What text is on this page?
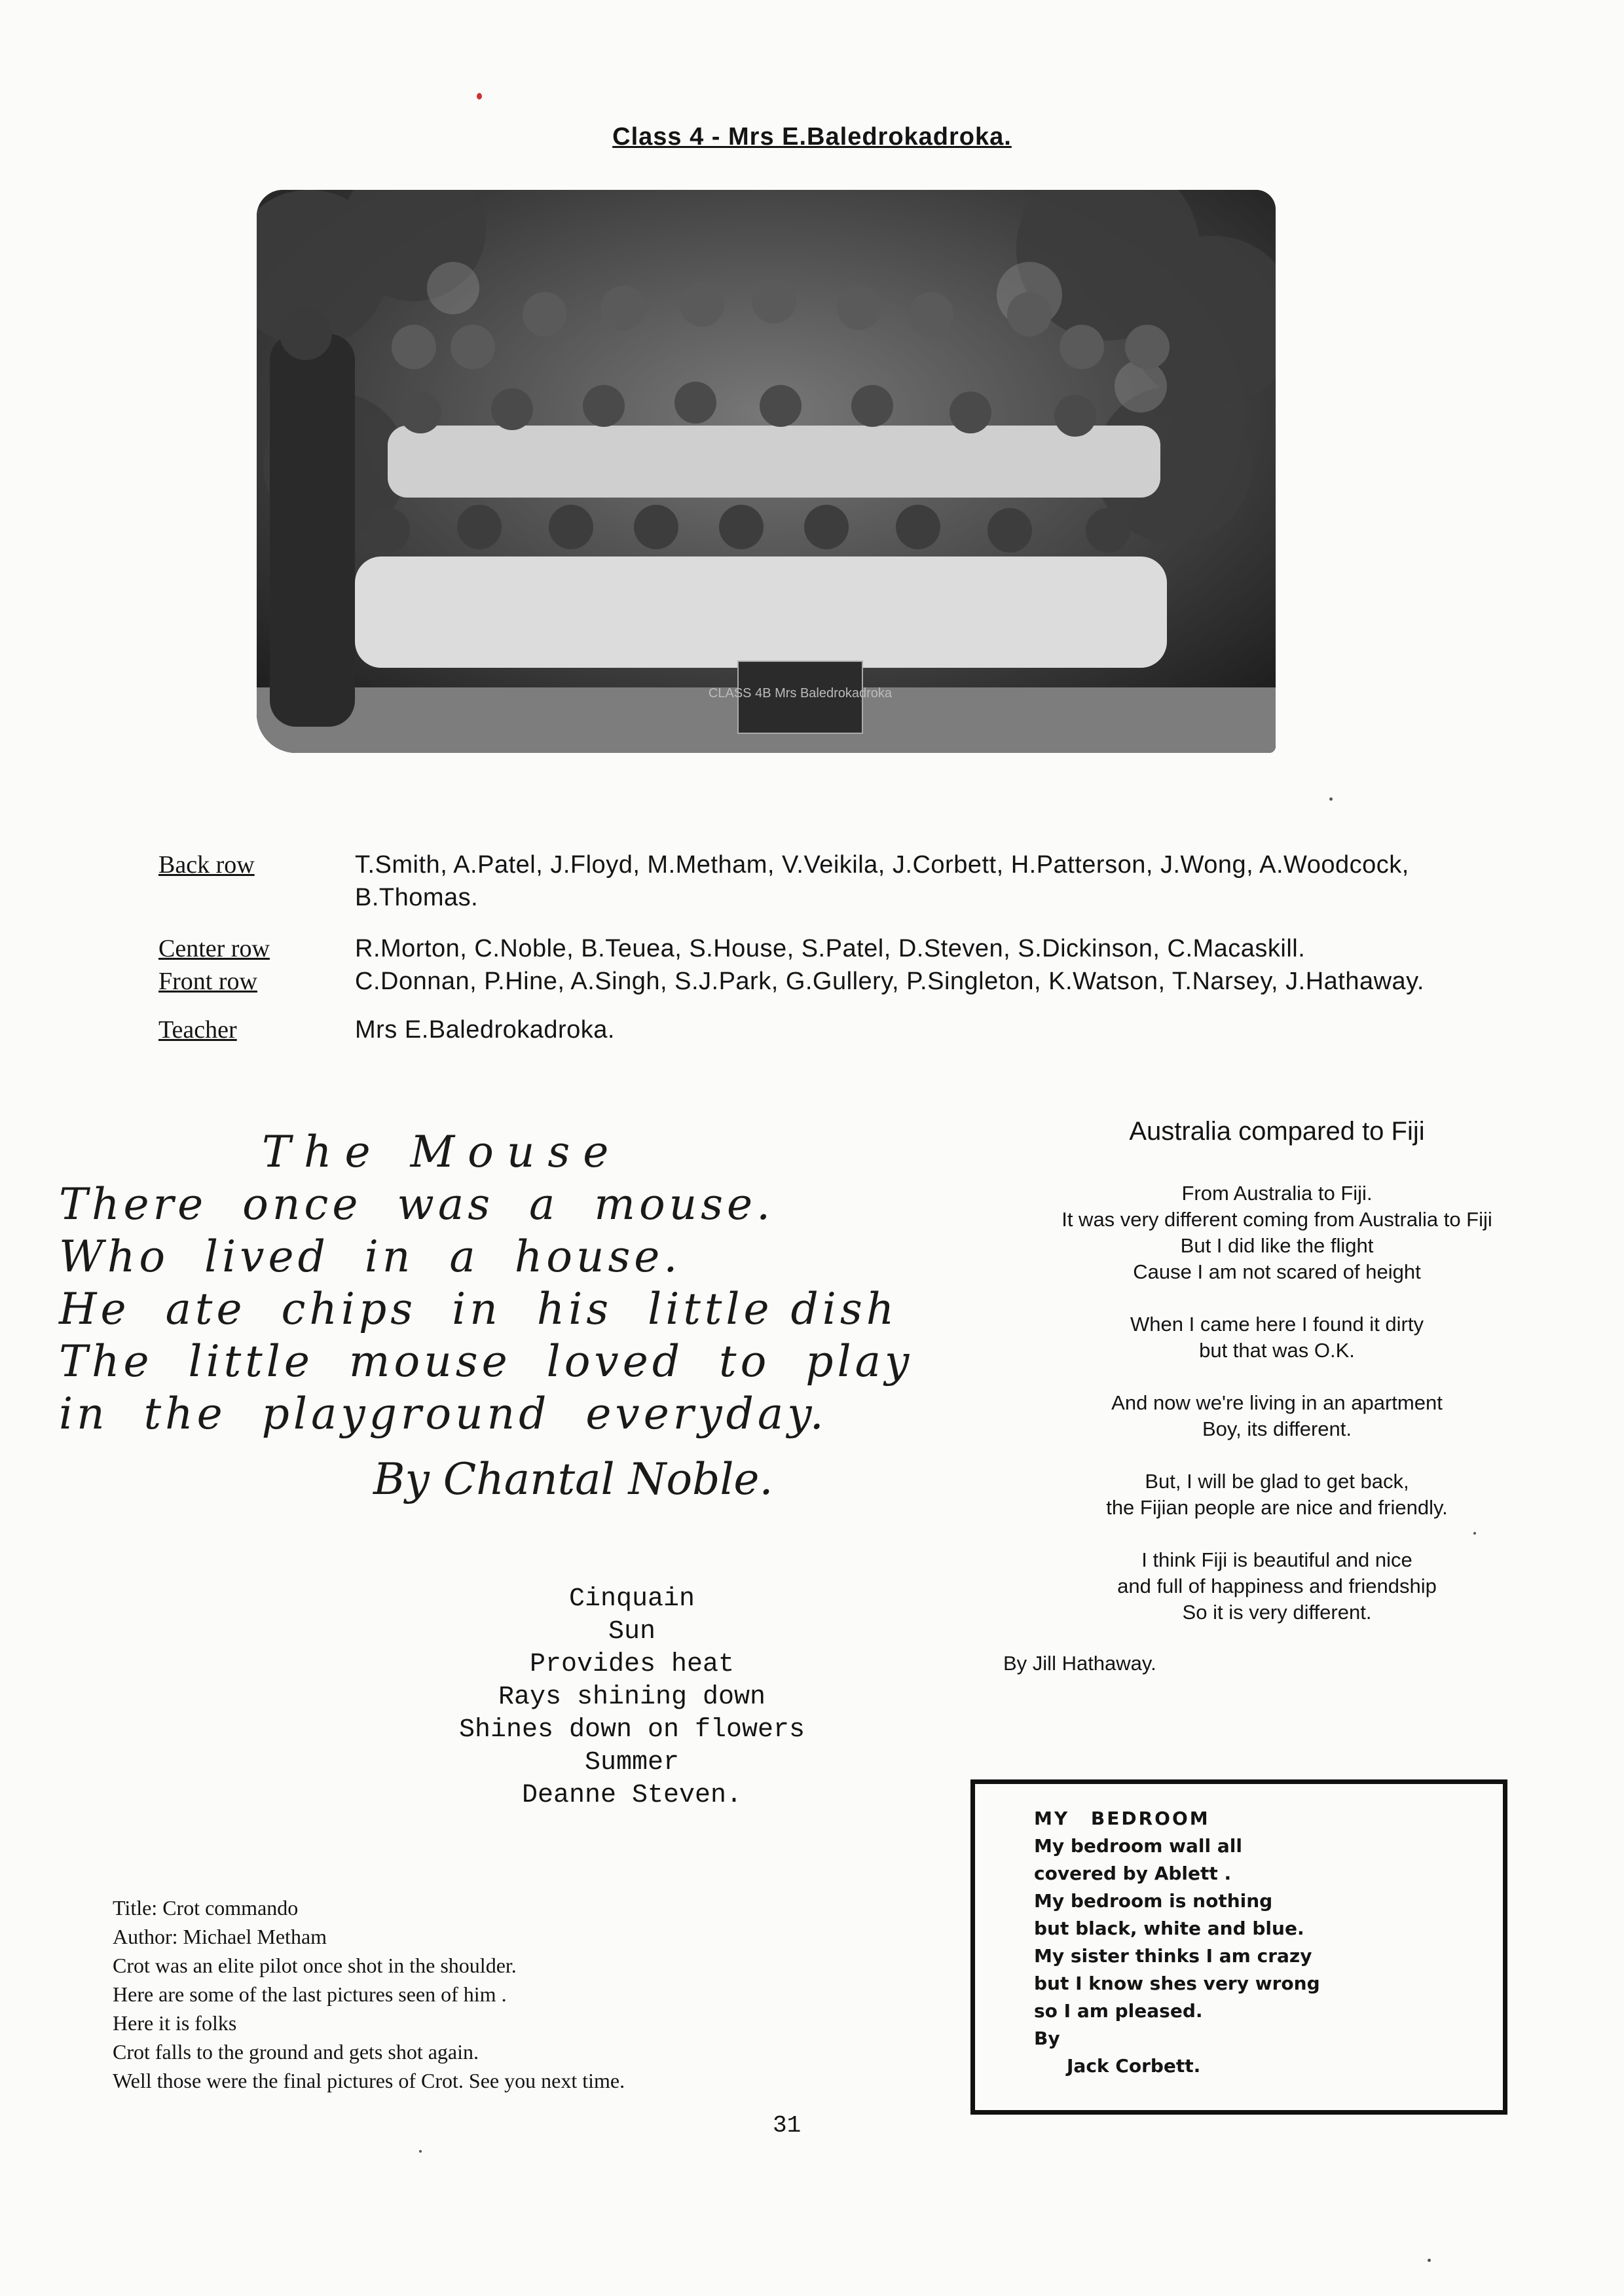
Class 4 - Mrs E.Baledrokadroka.
CLASS 4B Mrs Baledrokadroka
Back row	T.Smith, A.Patel, J.Floyd, M.Metham, V.Veikila, J.Corbett, H.Patterson, J.Wong, A.Woodcock, B.Thomas.
Center row	R.Morton, C.Noble, B.Teuea, S.House, S.Patel, D.Steven, S.Dickinson, C.Macaskill.
Front row	C.Donnan, P.Hine, A.Singh, S.J.Park, G.Gullery, P.Singleton, K.Watson, T.Narsey, J.Hathaway.
Teacher	Mrs E.Baledrokadroka.
The Mouse
There  once  was  a  mouse.
Who  lived  in  a  house.
He  ate  chips  in  his  little dish
The  little  mouse  loved  to  play
in  the  playground  everyday.
By Chantal Noble.
Australia compared to Fiji
From Australia to Fiji.
It was very different coming from Australia to Fiji
But I did like the flight
Cause I am not scared of height
When I came here I found it dirty
but that was O.K.
And now we're living in an apartment
Boy, its different.
But, I will be glad to get back,
the Fijian people are nice and friendly.
I think Fiji is beautiful and nice
and full of happiness and friendship
So it is very different.
By Jill Hathaway.
Cinquain
Sun
Provides heat
Rays shining down
Shines down on flowers
Summer
Deanne Steven.
Title: Crot commando
Author: Michael Metham
Crot was an elite pilot once shot in the shoulder.
Here are some of the last pictures seen of him .
Here it is folks
Crot falls to the ground and gets shot again.
Well those were the final pictures of Crot. See you next time.
MY BEDROOM
My bedroom wall all
covered by Ablett .
My bedroom is nothing
but black, white and blue.
My sister thinks I am crazy
but I know shes very wrong
so I am pleased.
By
Jack Corbett.
31
